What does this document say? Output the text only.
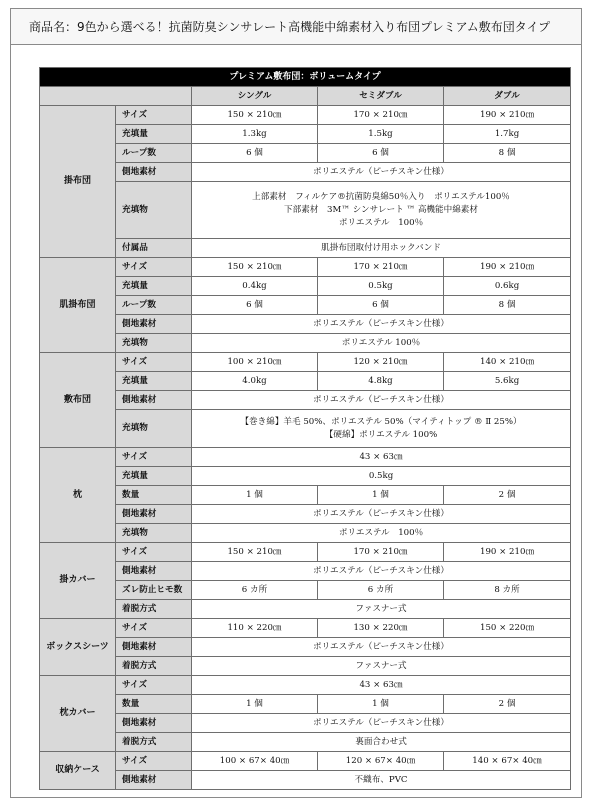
商品名：9色から選べる！抗菌防臭シンサレート高機能中綿素材入り布団プレミアム敷布団タイプ
プレミアム敷布団：ボリュームタイプ				
		シングル	セミダブル	ダブル
掛布団	サイズ	150 × 210㎝	170 × 210㎝	190 × 210㎝
	充填量	1.3kg	1.5kg	1.7kg
	ループ数	6 個	6 個	8 個
	側地素材	ポリエステル（ピーチスキン仕様）		
	充填物	上部素材　フィルケア®抗菌防臭綿50％入り　ポリエステル100％
下部素材　3M™ シンサレート ™ 高機能中綿素材
ポリエステル　100％		
	付属品	肌掛布団取付け用ホックバンド		
肌掛布団	サイズ	150 × 210㎝	170 × 210㎝	190 × 210㎝
	充填量	0.4kg	0.5kg	0.6kg
	ループ数	6 個	6 個	8 個
	側地素材	ポリエステル（ピーチスキン仕様）		
	充填物	ポリエステル 100％		
敷布団	サイズ	100 × 210㎝	120 × 210㎝	140 × 210㎝
	充填量	4.0kg	4.8kg	5.6kg
	側地素材	ポリエステル（ピーチスキン仕様）		
	充填物	【巻き綿】羊毛 50%、ポリエステル 50%（マイティトップ ® Ⅱ 25%）
【硬綿】ポリエステル 100%		
枕	サイズ	43 × 63㎝		
	充填量	0.5kg		
	数量	1 個	1 個	2 個
	側地素材	ポリエステル（ピーチスキン仕様）		
	充填物	ポリエステル　100％		
掛カバー	サイズ	150 × 210㎝	170 × 210㎝	190 × 210㎝
	側地素材	ポリエステル（ピーチスキン仕様）		
	ズレ防止ヒモ数	6 カ所	6 カ所	8 カ所
	着脱方式	ファスナー式		
ボックスシーツ	サイズ	110 × 220㎝	130 × 220㎝	150 × 220㎝
	側地素材	ポリエステル（ピーチスキン仕様）		
	着脱方式	ファスナー式		
枕カバー	サイズ	43 × 63㎝		
	数量	1 個	1 個	2 個
	側地素材	ポリエステル（ピーチスキン仕様）		
	着脱方式	裏面合わせ式		
収納ケース	サイズ	100 × 67× 40㎝	120 × 67× 40㎝	140 × 67× 40㎝
	側地素材	不織布、PVC		
